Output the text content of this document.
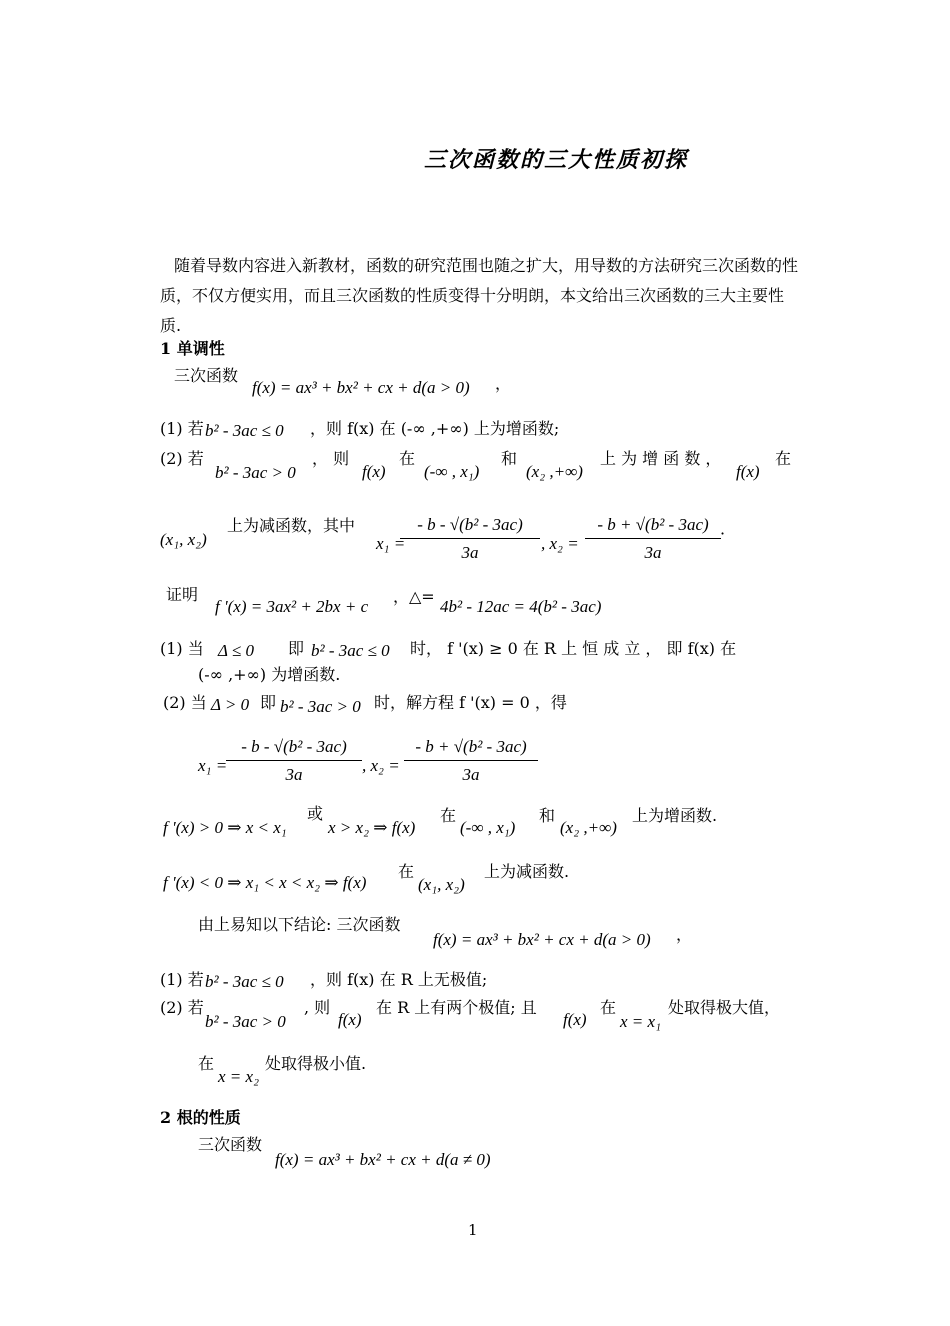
三次函数的三大性质初探
随着导数内容进入新教材，函数的研究范围也随之扩大，用导数的方法研究三次函数的性质，不仅方便实用，而且三次函数的性质变得十分明朗，本文给出三次函数的三大主要性质.
1 单调性
三次函数
f(x) = ax³ + bx² + cx + d(a > 0) ，
(1) 若 b² - 3ac ≤ 0 ，则 f(x) 在 (-∞ ,+∞) 上为增函数;
(2) 若
b² - 3ac > 0
， 则
f(x)
在
(-∞ , x₁)
和
(x₂ ,+∞)
上 为 增 函 数 ，
f(x)
在
(x₁, x₂)
上为减函数，其中
x₁ =
$\frac{\text{- b - √(b² - 3ac)}}{3a}$ , $x_2 = \frac{\text{- b + √(b² - 3ac)}}{3a}$ ·
证明
f '(x) = 3ax² + 2bx + c
，△=
4b² - 12ac = 4(b² - 3ac)
(1) 当 Δ ≤ 0 即 b² - 3ac ≤ 0 时， f '(x) ≥ 0 在 R 上 恒 成 立 ， 即 f(x) 在
(-∞ ,+∞) 为增函数.
(2) 当 Δ > 0 即 b² - 3ac > 0 时，解方程 f '(x) = 0 ，得
x₁ =
$\frac{\text{- b - √(b² - 3ac)}}{3a}$ , $x_2 = \frac{\text{- b + √(b² - 3ac)}}{3a}$
f '(x) > 0 ⇒ x < x₁
或
x > x₂ ⇒ f(x)
在
(-∞ , x₁)
和
(x₂ ,+∞)
上为增函数.
f '(x) < 0 ⇒ x₁ < x < x₂ ⇒ f(x)
在
(x₁, x₂)
上为减函数.
由上易知以下结论: 三次函数
f(x) = ax³ + bx² + cx + d(a > 0) ，
(1) 若 b² - 3ac ≤ 0 ，则 f(x) 在 R 上无极值;
(2) 若
b² - 3ac > 0
, 则
f(x)
在 R 上有两个极值; 且
f(x)
在
x = x₁
处取得极大值，
在
x = x₂
处取得极小值.
2 根的性质
三次函数
f(x) = ax³ + bx² + cx + d(a ≠ 0)
1
